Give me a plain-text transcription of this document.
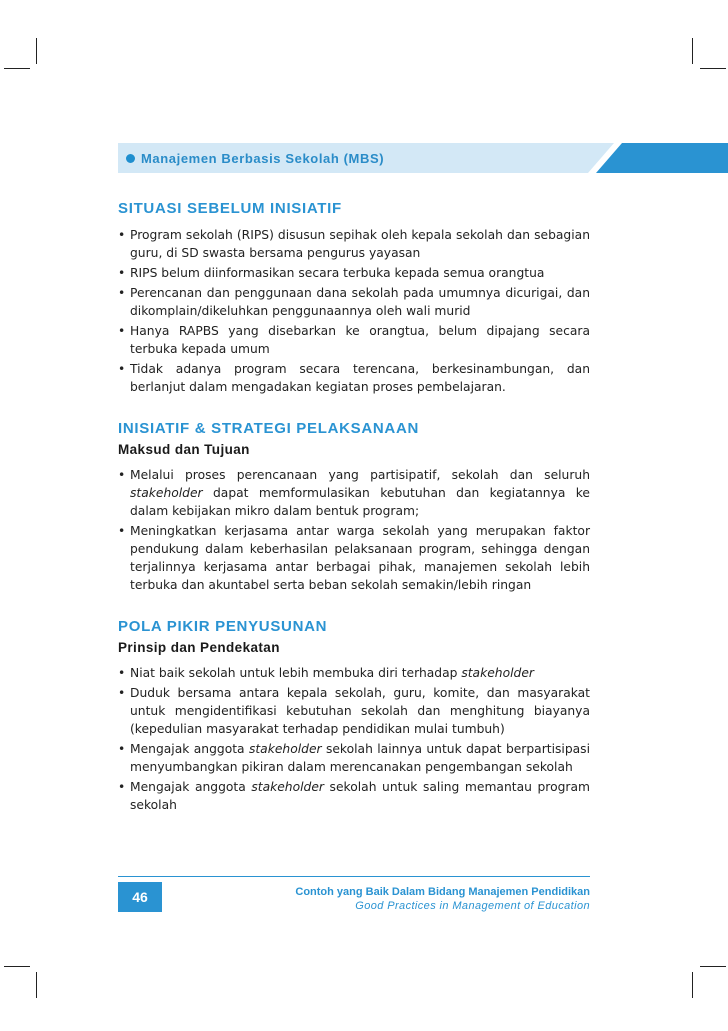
Manajemen Berbasis Sekolah (MBS)
SITUASI SEBELUM INISIATIF
• Program sekolah (RIPS) disusun sepihak oleh kepala sekolah dan sebagian guru, di SD swasta bersama pengurus yayasan
• RIPS belum diinformasikan secara terbuka kepada semua orangtua
• Perencanan dan penggunaan dana sekolah pada umumnya dicurigai, dan dikomplain/dikeluhkan penggunaannya oleh wali murid
• Hanya RAPBS yang disebarkan ke orangtua, belum dipajang secara terbuka kepada umum
• Tidak adanya program secara terencana, berkesinambungan, dan berlanjut dalam mengadakan kegiatan proses pembelajaran.
INISIATIF & STRATEGI PELAKSANAAN
Maksud dan Tujuan
• Melalui proses perencanaan yang partisipatif, sekolah dan seluruh stakeholder dapat memformulasikan kebutuhan dan kegiatannya ke dalam kebijakan mikro dalam bentuk program;
• Meningkatkan kerjasama antar warga sekolah yang merupakan faktor pendukung dalam keberhasilan pelaksanaan program, sehingga dengan terjalinnya kerjasama antar berbagai pihak, manajemen sekolah lebih terbuka dan akuntabel serta beban sekolah semakin/lebih ringan
POLA PIKIR PENYUSUNAN
Prinsip dan Pendekatan
• Niat baik sekolah untuk lebih membuka diri terhadap stakeholder
• Duduk bersama antara kepala sekolah, guru, komite, dan masyarakat untuk mengidentifikasi kebutuhan sekolah dan menghitung biayanya (kepedulian masyarakat terhadap pendidikan mulai tumbuh)
• Mengajak anggota stakeholder sekolah lainnya untuk dapat berpartisipasi menyumbangkan pikiran dalam merencanakan pengembangan sekolah
• Mengajak anggota stakeholder sekolah untuk saling memantau program sekolah
46	Contoh yang Baik Dalam Bidang Manajemen Pendidikan
Good Practices in Management of Education
